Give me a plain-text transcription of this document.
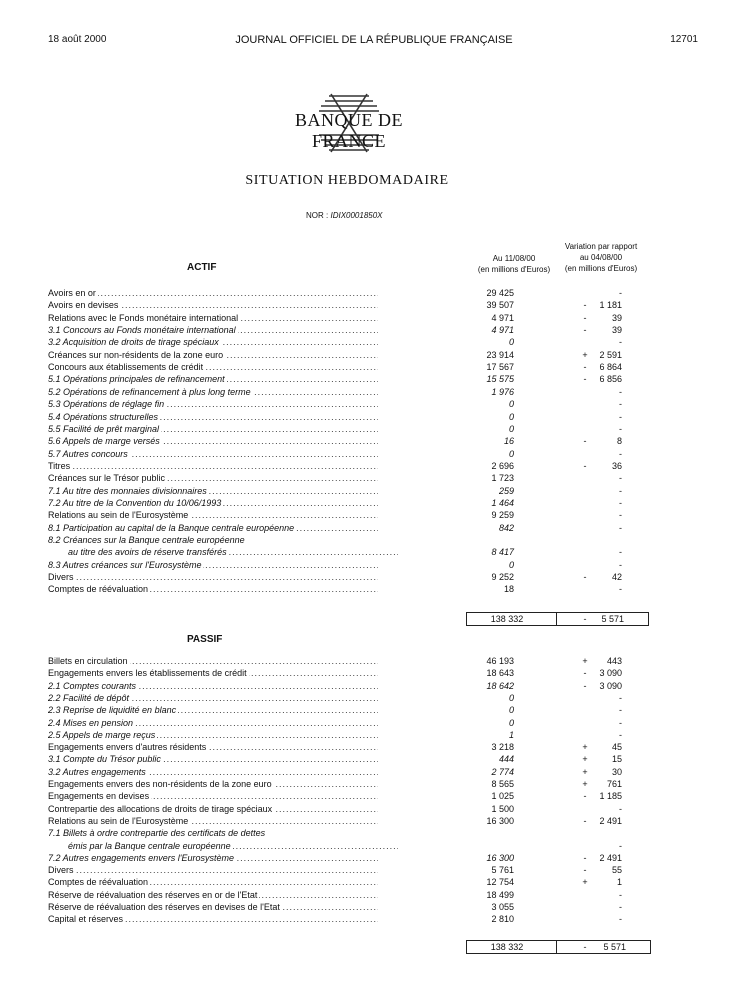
18 août 2000	JOURNAL OFFICIEL DE LA RÉPUBLIQUE FRANÇAISE	12701
BANQUE DE FRANCE
SITUATION HEBDOMADAIRE
NOR : IDIX0001850X
Au 11/08/00
(en millions d'Euros)
Variation par rapport
au 04/08/00
(en millions d'Euros)
ACTIF
Avoirs en or .....	29 425	-
Avoirs en devises .....	39 507	- 1 181
Relations avec le Fonds monétaire international .....	4 971	-	39
3.1 Concours au Fonds monétaire international .....	4 971	-	39
3.2 Acquisition de droits de tirage spéciaux .....	0	-
Créances sur non-résidents de la zone euro .....	23 914	+ 2 591
Concours aux établissements de crédit .....	17 567	- 6 864
5.1 Opérations principales de refinancement .....	15 575	- 6 856
5.2 Opérations de refinancement à plus long terme .....	1 976	-
5.3 Opérations de réglage fin .....	0	-
5.4 Opérations structurelles .....	0	-
5.5 Facilité de prêt marginal .....	0	-
5.6 Appels de marge versés .....	16	-	8
5.7 Autres concours .....	0	-
Titres .....	2 696	-	36
Créances sur le Trésor public .....	1 723	-
7.1 Au titre des monnaies divisionnaires .....	259	-
7.2 Au titre de la Convention du 10/06/1993 .....	1 464	-
Relations au sein de l'Eurosystème .....	9 259	-
8.1 Participation au capital de la Banque centrale européenne .....	842	-
8.2 Créances sur la Banque centrale européenne
au titre des avoirs de réserve transférés .....	8 417	-
8.3 Autres créances sur l'Eurosystème .....	0	-
Divers .....	9 252	-	42
Comptes de réévaluation .....	18	-
138 332	- 5 571
PASSIF
Billets en circulation .....	46 193	+ 443
Engagements envers les établissements de crédit .....	18 643	- 3 090
2.1 Comptes courants .....	18 642	- 3 090
2.2 Facilité de dépôt .....	0	-
2.3 Reprise de liquidité en blanc .....	0	-
2.4 Mises en pension .....	0	-
2.5 Appels de marge reçus .....	1	-
Engagements envers d'autres résidents .....	3 218	+	45
3.1 Compte du Trésor public .....	444	+	15
3.2 Autres engagements .....	2 774	+	30
Engagements envers des non-résidents de la zone euro .....	8 565	+ 761
Engagements en devises .....	1 025	- 1 185
Contrepartie des allocations de droits de tirage spéciaux .....	1 500	-
Relations au sein de l'Eurosystème .....	16 300	- 2 491
7.1 Billets à ordre contrepartie des certificats de dettes
émis par la Banque centrale européenne .....	-
7.2 Autres engagements envers l'Eurosystème .....	16 300	- 2 491
Divers .....	5 761	-	55
Comptes de réévaluation .....	12 754	+	1
Réserve de réévaluation des réserves en or de l'Etat .....	18 499	-
Réserve de réévaluation des réserves en devises de l'Etat .....	3 055	-
Capital et réserves .....	2 810	-
138 332	- 5 571
